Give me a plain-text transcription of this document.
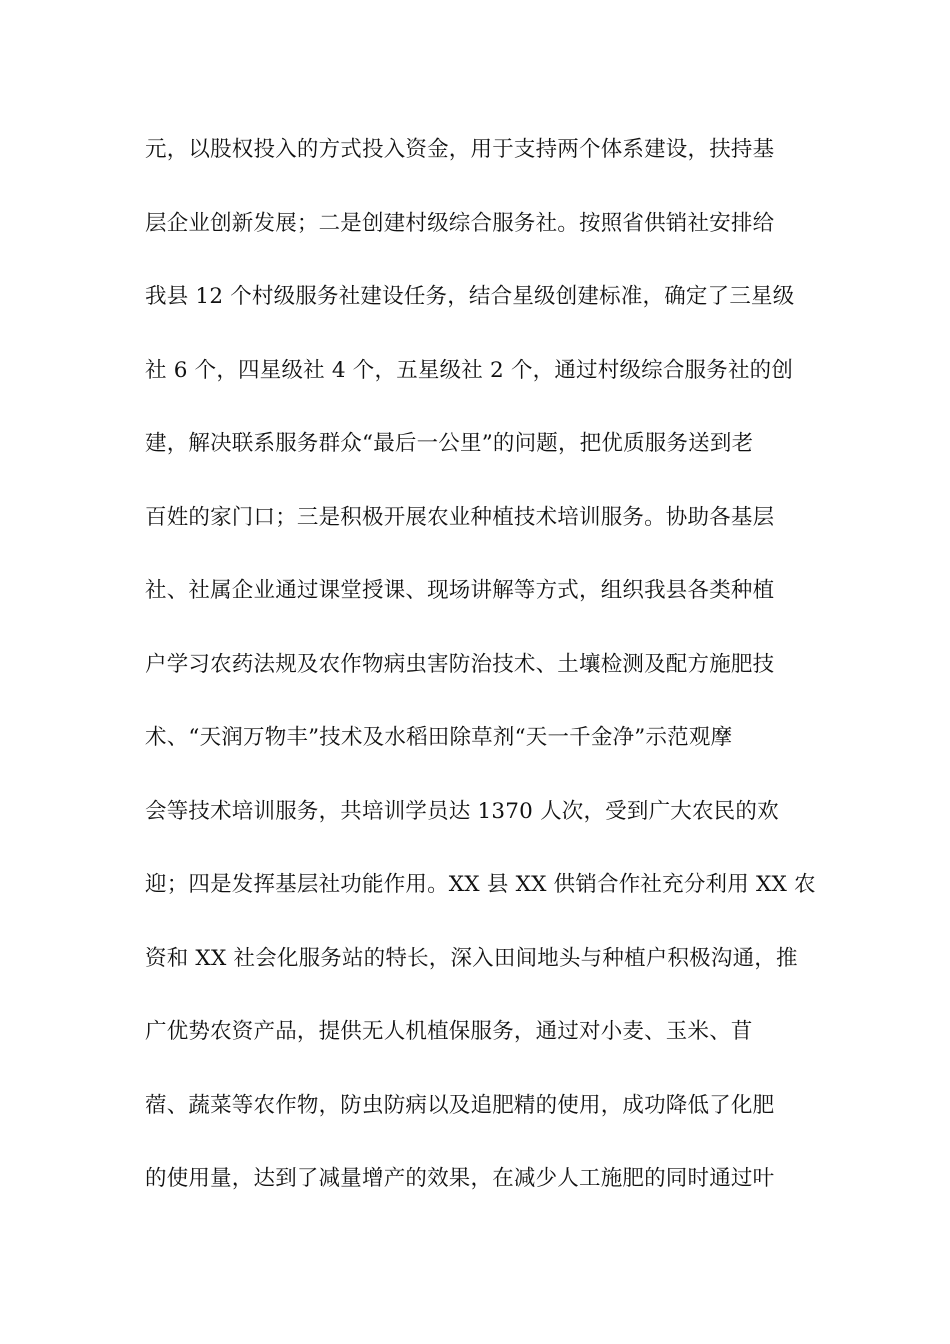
元，以股权投入的方式投入资金，用于支持两个体系建设，扶持基
层企业创新发展；二是创建村级综合服务社。按照省供销社安排给
我县 12 个村级服务社建设任务，结合星级创建标准，确定了三星级
社 6 个，四星级社 4 个，五星级社 2 个，通过村级综合服务社的创
建，解决联系服务群众“最后一公里”的问题，把优质服务送到老
百姓的家门口；三是积极开展农业种植技术培训服务。协助各基层
社、社属企业通过课堂授课、现场讲解等方式，组织我县各类种植
户学习农药法规及农作物病虫害防治技术、土壤检测及配方施肥技
术、“天润万物丰”技术及水稻田除草剂“天一千金净”示范观摩
会等技术培训服务，共培训学员达 1370 人次，受到广大农民的欢
迎；四是发挥基层社功能作用。XX 县 XX 供销合作社充分利用 XX 农
资和 XX 社会化服务站的特长，深入田间地头与种植户积极沟通，推
广优势农资产品，提供无人机植保服务，通过对小麦、玉米、苜
蓿、蔬菜等农作物，防虫防病以及追肥精的使用，成功降低了化肥
的使用量，达到了减量增产的效果，在减少人工施肥的同时通过叶
